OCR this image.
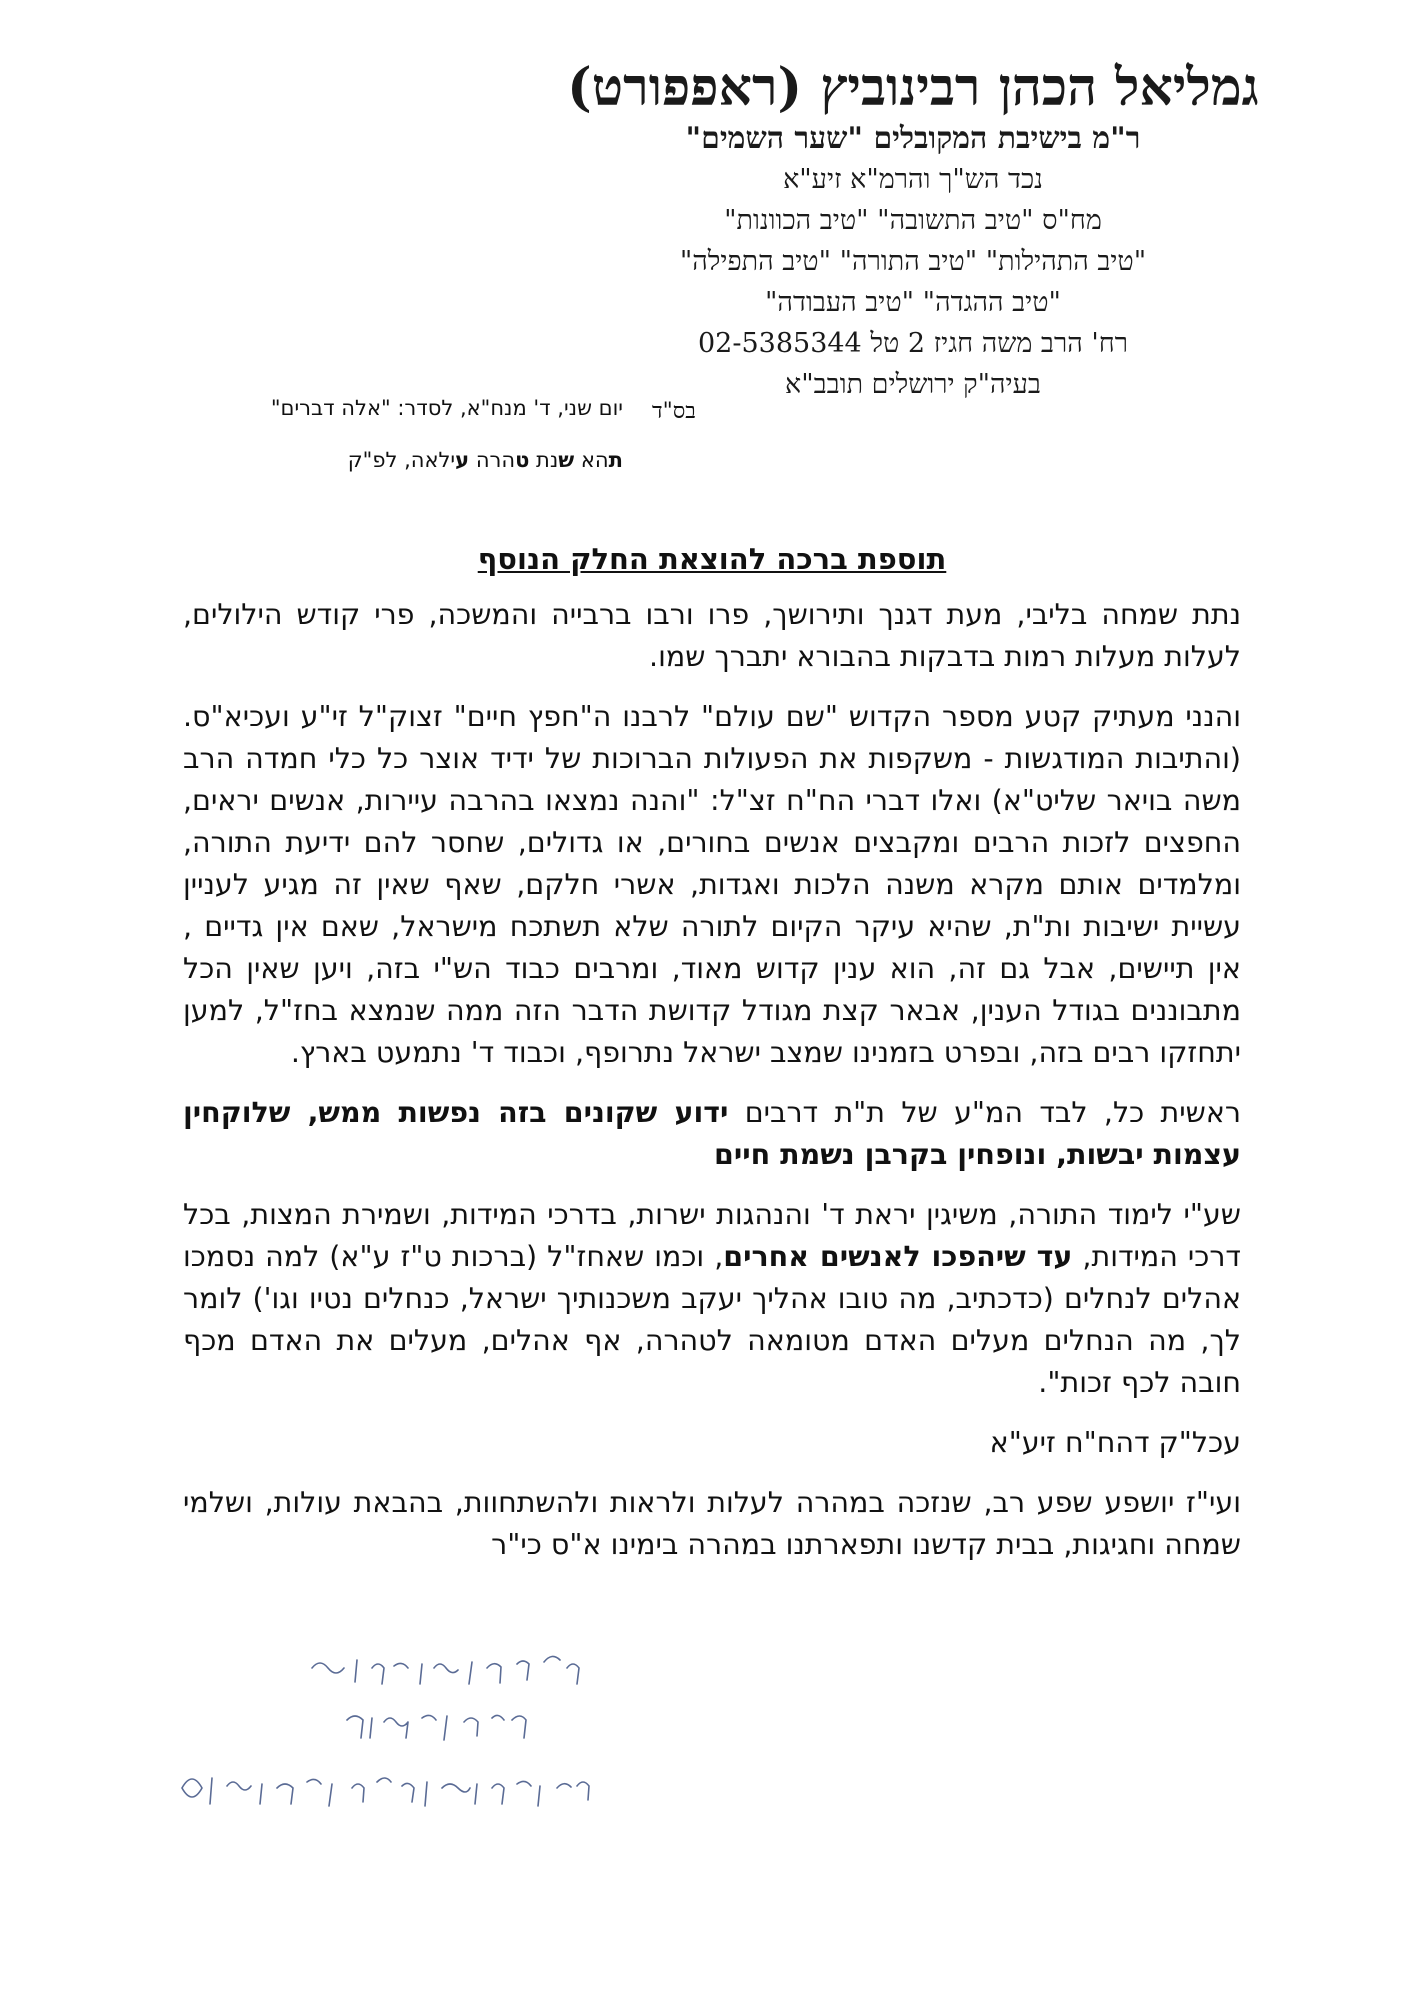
גמליאל הכהן רבינוביץ (ראפפורט)

ר"מ בישיבת המקובלים "שער השמים"

נכד הש"ך והרמ"א זיע"א

מח"ס "טיב התשובה" "טיב הכוונות"

"טיב התהילות" "טיב התורה" "טיב התפילה"

"טיב ההגדה" "טיב העבודה"

רח' הרב משה חגיז 2 טל 02-5385344

בעיה"ק ירושלים תובב"א

בס"ד
יום שני, ד' מנח"א, לסדר: "אלה דברים"
תהא שנת טהרה עילאה, לפ"ק

תוספת ברכה להוצאת החלק הנוסף

נתת שמחה בליבי, מעת דגנך ותירושך, פרו ורבו ברבייה והמשכה, פרי קודש הילולים, לעלות מעלות רמות בדבקות בהבורא יתברך שמו.

והנני מעתיק קטע מספר הקדוש "שם עולם" לרבנו ה"חפץ חיים" זצוק"ל זי"ע ועכיא"ס. (והתיבות המודגשות - משקפות את הפעולות הברוכות של ידיד אוצר כל כלי חמדה הרב משה בויאר שליט"א) ואלו דברי הח"ח זצ"ל: "והנה נמצאו בהרבה עיירות, אנשים יראים, החפצים לזכות הרבים ומקבצים אנשים בחורים, או גדולים, שחסר להם ידיעת התורה, ומלמדים אותם מקרא משנה הלכות ואגדות, אשרי חלקם, שאף שאין זה מגיע לעניין עשיית ישיבות ות"ת, שהיא עיקר הקיום לתורה שלא תשתכח מישראל, שאם אין גדיים , אין תיישים, אבל גם זה, הוא ענין קדוש מאוד, ומרבים כבוד הש"י בזה, ויען שאין הכל מתבוננים בגודל הענין, אבאר קצת מגודל קדושת הדבר הזה ממה שנמצא בחז"ל, למען יתחזקו רבים בזה, ובפרט בזמנינו שמצב ישראל נתרופף, וכבוד ד' נתמעט בארץ.

ראשית כל, לבד המ"ע של ת"ת דרבים ידוע שקונים בזה נפשות ממש, שלוקחין עצמות יבשות, ונופחין בקרבן נשמת חיים

שע"י לימוד התורה, משיגין יראת ד' והנהגות ישרות, בדרכי המידות, ושמירת המצות, בכל דרכי המידות, עד שיהפכו לאנשים אחרים, וכמו שאחז"ל (ברכות ט"ז ע"א) למה נסמכו אהלים לנחלים (כדכתיב, מה טובו אהליך יעקב משכנותיך ישראל, כנחלים נטיו וגו') לומר לך, מה הנחלים מעלים האדם מטומאה לטהרה, אף אהלים, מעלים את האדם מכף חובה לכף זכות".

עכל"ק דהח"ח זיע"א

ועי"ז יושפע שפע רב, שנזכה במהרה לעלות ולראות ולהשתחוות, בהבאת עולות, ושלמי שמחה וחגיגות, בבית קדשנו ותפארתנו במהרה בימינו א"ס כי"ר
